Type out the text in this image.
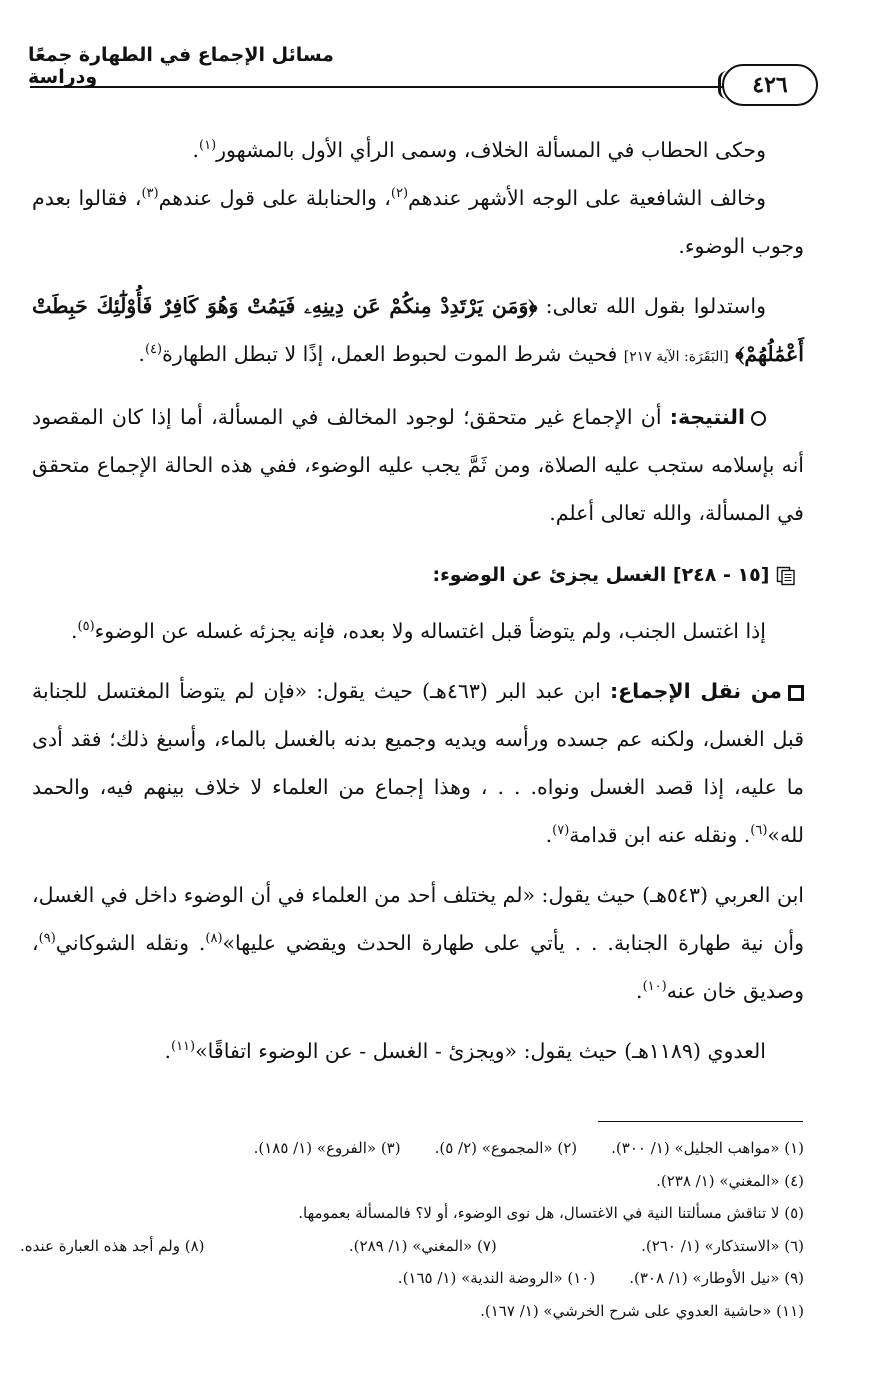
مسائل الإجماع في الطهارة جمعًا ودراسة	٤٢٦

وحكى الحطاب في المسألة الخلاف، وسمى الرأي الأول بالمشهور$^{(١)}$.

وخالف الشافعية على الوجه الأشهر عندهم$^{(٢)}$، والحنابلة على قول عندهم$^{(٣)}$، فقالوا بعدم وجوب الوضوء.

واستدلوا بقول الله تعالى: ﴿وَمَن يَرْتَدِدْ مِنكُمْ عَن دِينِهِۦ فَيَمُتْ وَهُوَ كَافِرٌ فَأُوْلَٰٓئِكَ حَبِطَتْ أَعْمَٰلُهُمْ﴾ [البَقَرَة: الآية ٢١٧] فحيث شرط الموت لحبوط العمل، إذًا لا تبطل الطهارة$^{(٤)}$.

النتيجة: أن الإجماع غير متحقق؛ لوجود المخالف في المسألة، أما إذا كان المقصود أنه بإسلامه ستجب عليه الصلاة، ومن ثَمَّ يجب عليه الوضوء، ففي هذه الحالة الإجماع متحقق في المسألة، والله تعالى أعلم.

[١٥ - ٢٤٨] الغسل يجزئ عن الوضوء:

إذا اغتسل الجنب، ولم يتوضأ قبل اغتساله ولا بعده، فإنه يجزئه غسله عن الوضوء$^{(٥)}$.

من نقل الإجماع: ابن عبد البر (٤٦٣هـ) حيث يقول: «فإن لم يتوضأ المغتسل للجنابة قبل الغسل، ولكنه عم جسده ورأسه ويديه وجميع بدنه بالغسل بالماء، وأسبغ ذلك؛ فقد أدى ما عليه، إذا قصد الغسل ونواه. . . ، وهذا إجماع من العلماء لا خلاف بينهم فيه، والحمد لله»$^{(٦)}$. ونقله عنه ابن قدامة$^{(٧)}$.

ابن العربي (٥٤٣هـ) حيث يقول: «لم يختلف أحد من العلماء في أن الوضوء داخل في الغسل، وأن نية طهارة الجنابة. . . يأتي على طهارة الحدث ويقضي عليها»$^{(٨)}$. ونقله الشوكاني$^{(٩)}$، وصديق خان عنه$^{(١٠)}$.

العدوي (١١٨٩هـ) حيث يقول: «ويجزئ - الغسل - عن الوضوء اتفاقًا»$^{(١١)}$.

(١) «مواهب الجليل» (١/ ٣٠٠).
(٢) «المجموع» (٢/ ٥).
(٣) «الفروع» (١/ ١٨٥).
(٤) «المغني» (١/ ٢٣٨).
(٥) لا تناقش مسألتنا النية في الاغتسال، هل نوى الوضوء، أو لا؟ فالمسألة بعمومها.
(٦) «الاستذكار» (١/ ٢٦٠).
(٧) «المغني» (١/ ٢٨٩).
(٨) ولم أجد هذه العبارة عنده.
(٩) «نيل الأوطار» (١/ ٣٠٨).
(١٠) «الروضة الندية» (١/ ١٦٥).
(١١) «حاشية العدوي على شرح الخرشي» (١/ ١٦٧).
